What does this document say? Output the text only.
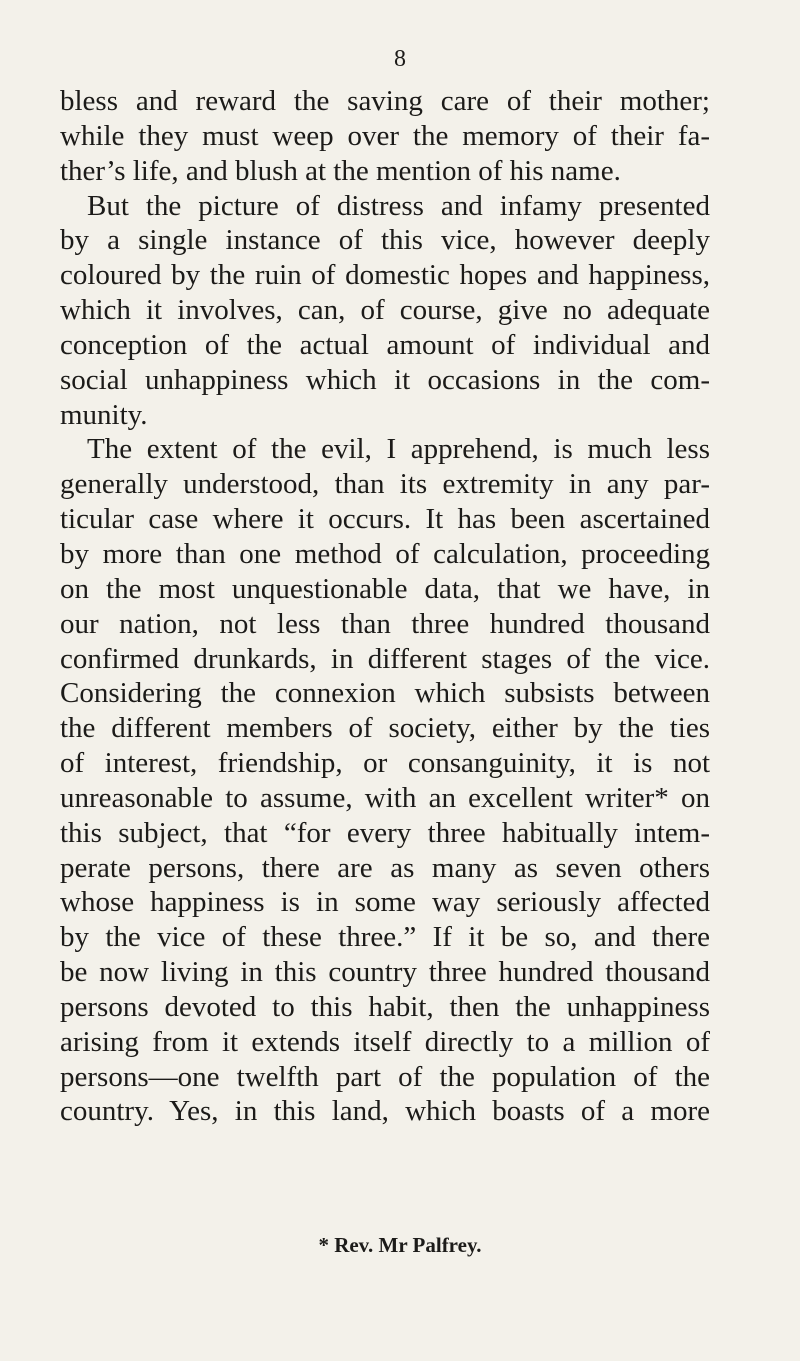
8
bless and reward the saving care of their mother;
while they must weep over the memory of their fa-
ther’s life, and blush at the mention of his name.
But the picture of distress and infamy presented
by a single instance of this vice, however deeply
coloured by the ruin of domestic hopes and happiness,
which it involves, can, of course, give no adequate
conception of the actual amount of individual and
social unhappiness which it occasions in the com-
munity.
The extent of the evil, I apprehend, is much less
generally understood, than its extremity in any par-
ticular case where it occurs. It has been ascertained
by more than one method of calculation, proceeding
on the most unquestionable data, that we have, in
our nation, not less than three hundred thousand
confirmed drunkards, in different stages of the vice.
Considering the connexion which subsists between
the different members of society, either by the ties
of interest, friendship, or consanguinity, it is not
unreasonable to assume, with an excellent writer* on
this subject, that “for every three habitually intem-
perate persons, there are as many as seven others
whose happiness is in some way seriously affected
by the vice of these three.” If it be so, and there
be now living in this country three hundred thousand
persons devoted to this habit, then the unhappiness
arising from it extends itself directly to a million of
persons—one twelfth part of the population of the
country. Yes, in this land, which boasts of a more
* Rev. Mr Palfrey.
